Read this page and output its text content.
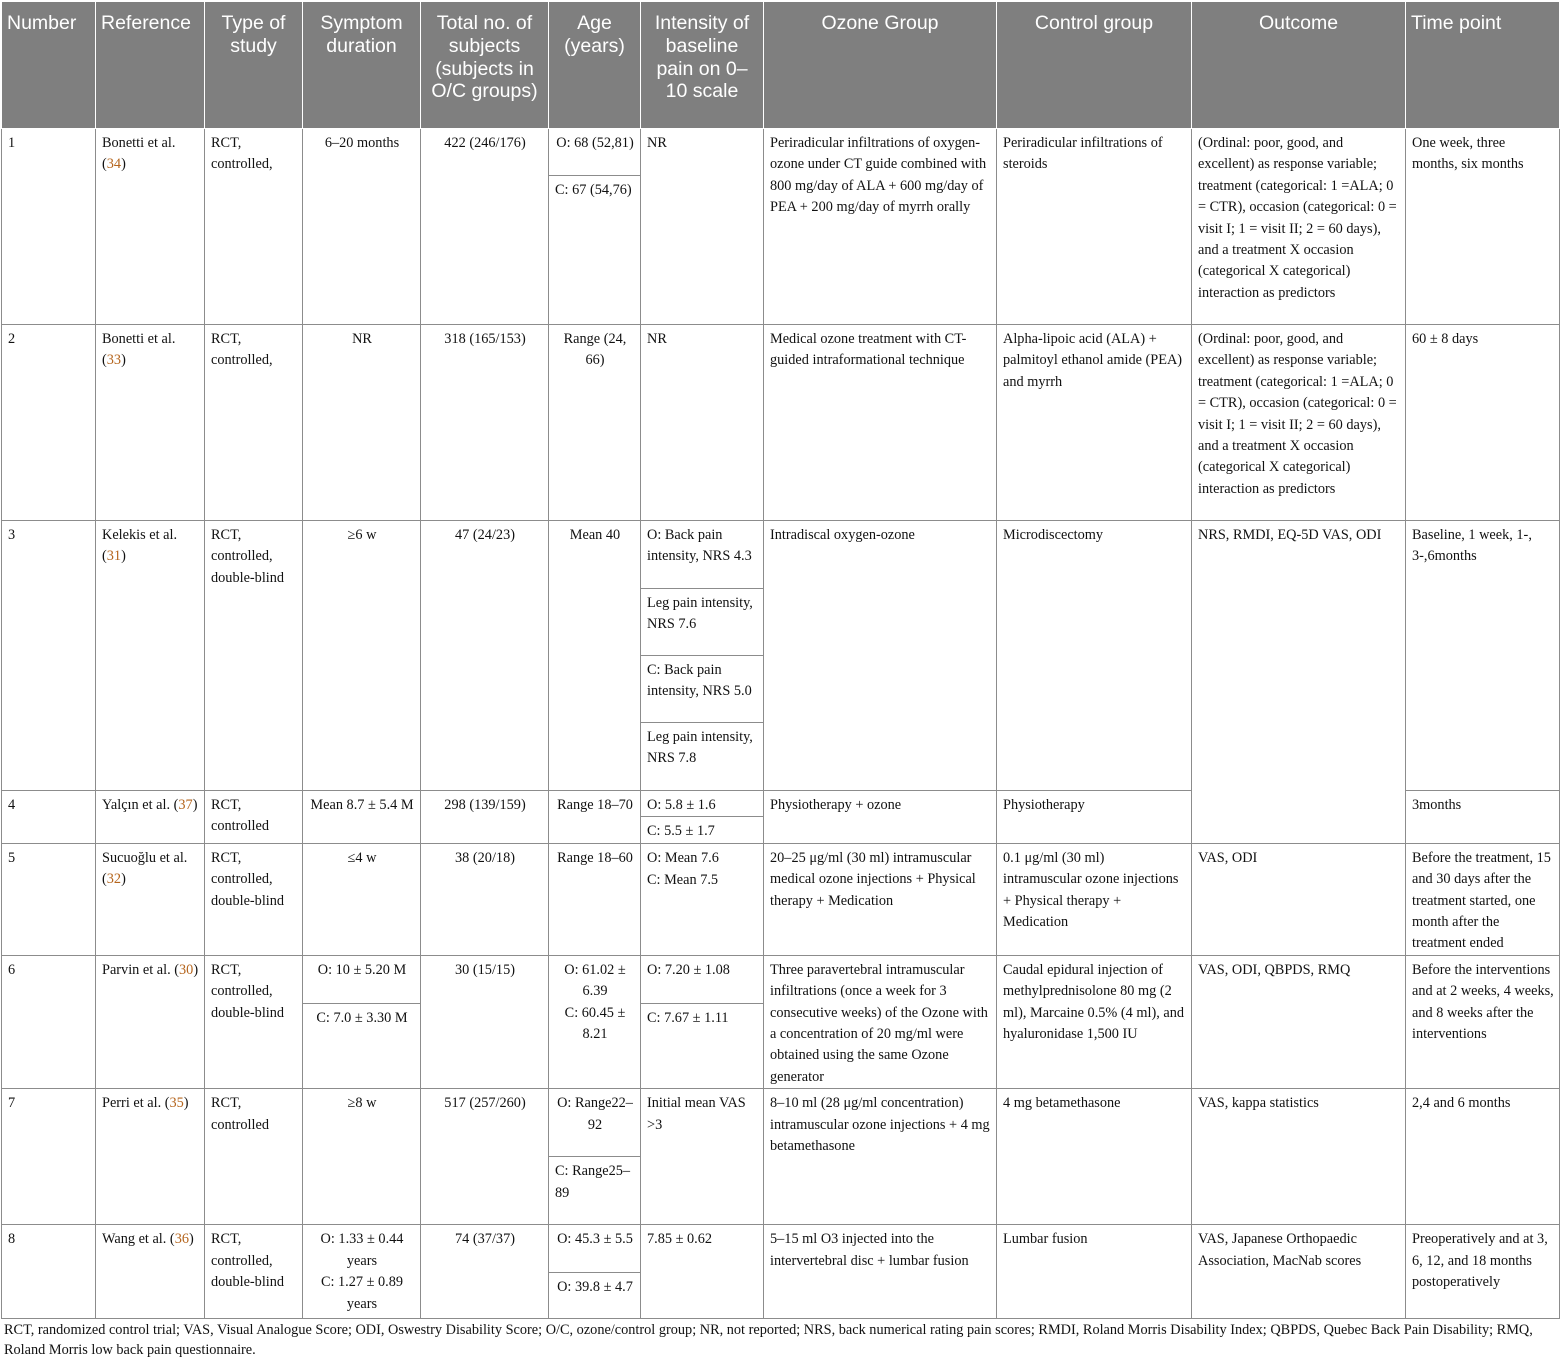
Number	Reference	Type of study	Symptom duration	Total no. of subjects (subjects in O/C groups)	Age (years)	Intensity of baseline pain on 0–10 scale	Ozone Group	Control group	Outcome	Time point
1	Bonetti et al. (34)	RCT, controlled,	6–20 months	422 (246/176)	O: 68 (52,81)	NR	Periradicular infiltrations of oxygen-ozone under CT guide combined with 800 mg/day of ALA + 600 mg/day of PEA + 200 mg/day of myrrh orally	Periradicular infiltrations of steroids	(Ordinal: poor, good, and excellent) as response variable; treatment (categorical: 1 =ALA; 0 = CTR), occasion (categorical: 0 = visit I; 1 = visit II; 2 = 60 days), and a treatment X occasion (categorical X categorical) interaction as predictors	One week, three months, six months
					C: 67 (54,76)					
2	Bonetti et al. (33)	RCT, controlled,	NR	318 (165/153)	Range (24, 66)	NR	Medical ozone treatment with CT-guided intraformational technique	Alpha-lipoic acid (ALA) + palmitoyl ethanol amide (PEA) and myrrh	(Ordinal: poor, good, and excellent) as response variable; treatment (categorical: 1 =ALA; 0 = CTR), occasion (categorical: 0 = visit I; 1 = visit II; 2 = 60 days), and a treatment X occasion (categorical X categorical) interaction as predictors	60 ± 8 days
3	Kelekis et al. (31)	RCT, controlled, double-blind	≥6 w	47 (24/23)	Mean 40	O: Back pain intensity, NRS 4.3	Intradiscal oxygen-ozone	Microdiscectomy	NRS, RMDI, EQ-5D VAS, ODI	Baseline, 1 week, 1-, 3-,6months
						Leg pain intensity, NRS 7.6				
						C: Back pain intensity, NRS 5.0				
						Leg pain intensity, NRS 7.8				
4	Yalçın et al. (37)	RCT, controlled	Mean 8.7 ± 5.4 M	298 (139/159)	Range 18–70	O: 5.8 ± 1.6	Physiotherapy + ozone	Physiotherapy		3months
						C: 5.5 ± 1.7				
5	Sucuoğlu et al. (32)	RCT, controlled, double-blind	≤4 w	38 (20/18)	Range 18–60	O: Mean 7.6	20–25 μg/ml (30 ml) intramuscular medical ozone injections + Physical therapy + Medication	0.1 μg/ml (30 ml) intramuscular ozone injections + Physical therapy + Medication	VAS, ODI	Before the treatment, 15 and 30 days after the treatment started, one month after the treatment ended
						C: Mean 7.5				
6	Parvin et al. (30)	RCT, controlled, double-blind	O: 10 ± 5.20 M	30 (15/15)	O: 61.02 ± 6.39	O: 7.20 ± 1.08	Three paravertebral intramuscular infiltrations (once a week for 3 consecutive weeks) of the Ozone with a concentration of 20 mg/ml were obtained using the same Ozone generator	Caudal epidural injection of methylprednisolone 80 mg (2 ml), Marcaine 0.5% (4 ml), and hyaluronidase 1,500 IU	VAS, ODI, QBPDS, RMQ	Before the interventions and at 2 weeks, 4 weeks, and 8 weeks after the interventions
			C: 7.0 ± 3.30 M		C: 60.45 ± 8.21	C: 7.67 ± 1.11				
7	Perri et al. (35)	RCT, controlled	≥8 w	517 (257/260)	O: Range22–92	Initial mean VAS >3	8–10 ml (28 μg/ml concentration) intramuscular ozone injections + 4 mg betamethasone	4 mg betamethasone	VAS, kappa statistics	2,4 and 6 months
					C: Range25–89					
8	Wang et al. (36)	RCT, controlled, double-blind	O: 1.33 ± 0.44 years	74 (37/37)	O: 45.3 ± 5.5	7.85 ± 0.62	5–15 ml O3 injected into the intervertebral disc + lumbar fusion	Lumbar fusion	VAS, Japanese Orthopaedic Association, MacNab scores	Preoperatively and at 3, 6, 12, and 18 months postoperatively
			C: 1.27 ± 0.89 years		O: 39.8 ± 4.7					
RCT, randomized control trial; VAS, Visual Analogue Score; ODI, Oswestry Disability Score; O/C, ozone/control group; NR, not reported; NRS, back numerical rating pain scores; RMDI, Roland Morris Disability Index; QBPDS, Quebec Back Pain Disability; RMQ, Roland Morris low back pain questionnaire.
